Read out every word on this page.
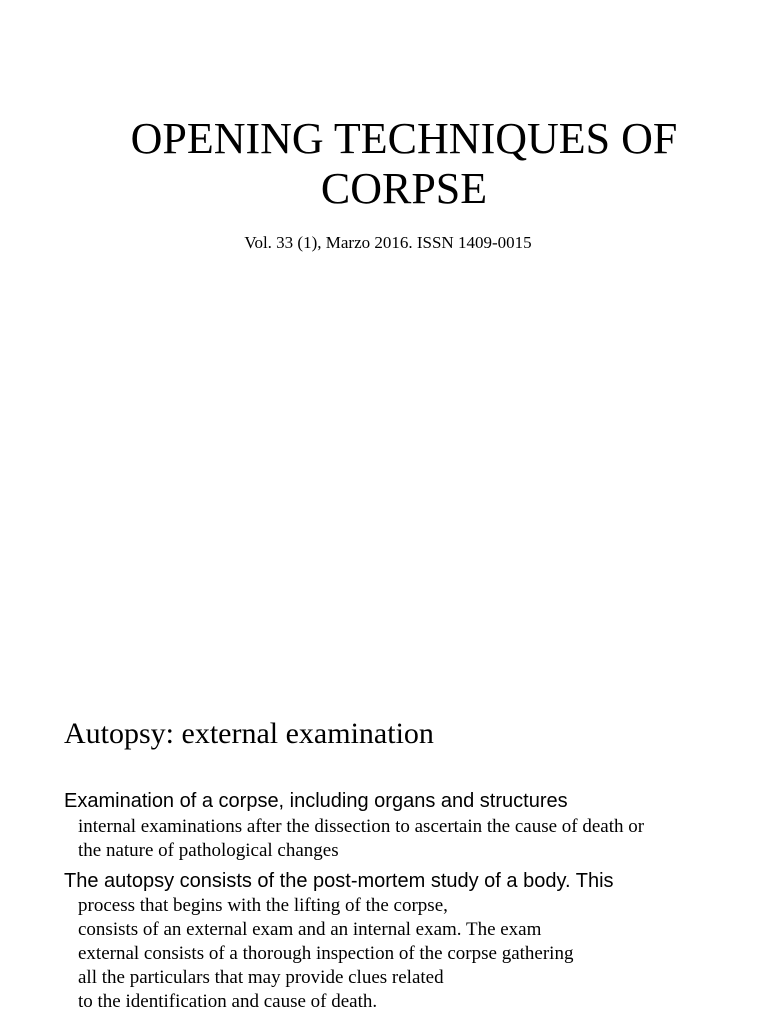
OPENING TECHNIQUES OF
CORPSE
Vol. 33 (1), Marzo 2016. ISSN 1409-0015
Autopsy: external examination
Examination of a corpse, including organs and structures
internal examinations after the dissection to ascertain the cause of death or
the nature of pathological changes
The autopsy consists of the post-mortem study of a body. This
process that begins with the lifting of the corpse,
consists of an external exam and an internal exam. The exam
external consists of a thorough inspection of the corpse gathering
all the particulars that may provide clues related
to the identification and cause of death.
